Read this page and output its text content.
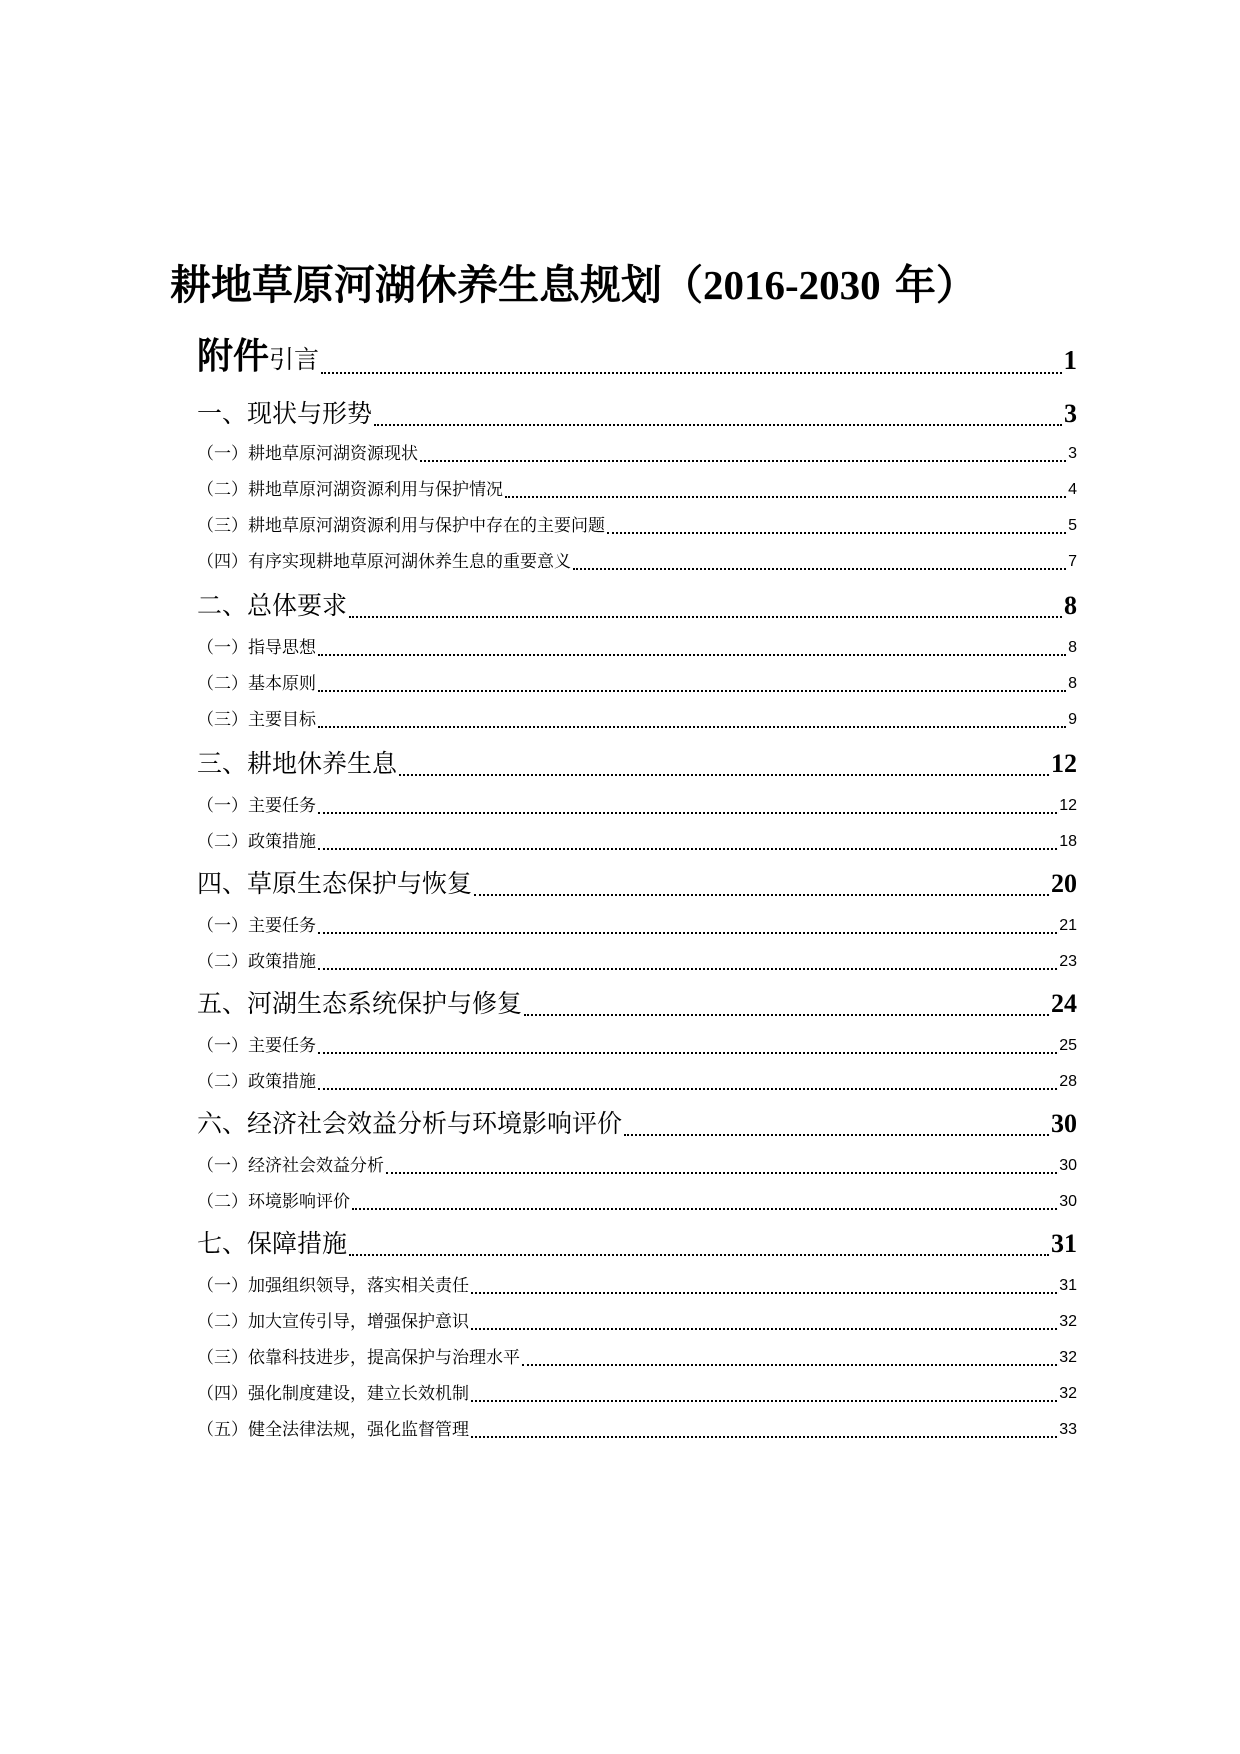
耕地草原河湖休养生息规划（2016-2030 年）
附件引言	1
一、现状与形势	3
（一）耕地草原河湖资源现状	3
（二）耕地草原河湖资源利用与保护情况	4
（三）耕地草原河湖资源利用与保护中存在的主要问题	5
（四）有序实现耕地草原河湖休养生息的重要意义	7
二、总体要求	8
（一）指导思想	8
（二）基本原则	8
（三）主要目标	9
三、耕地休养生息	12
（一）主要任务	12
（二）政策措施	18
四、草原生态保护与恢复	20
（一）主要任务	21
（二）政策措施	23
五、河湖生态系统保护与修复	24
（一）主要任务	25
（二）政策措施	28
六、经济社会效益分析与环境影响评价	30
（一）经济社会效益分析	30
（二）环境影响评价	30
七、保障措施	31
（一）加强组织领导，落实相关责任	31
（二）加大宣传引导，增强保护意识	32
（三）依靠科技进步，提高保护与治理水平	32
（四）强化制度建设，建立长效机制	32
（五）健全法律法规，强化监督管理	33
